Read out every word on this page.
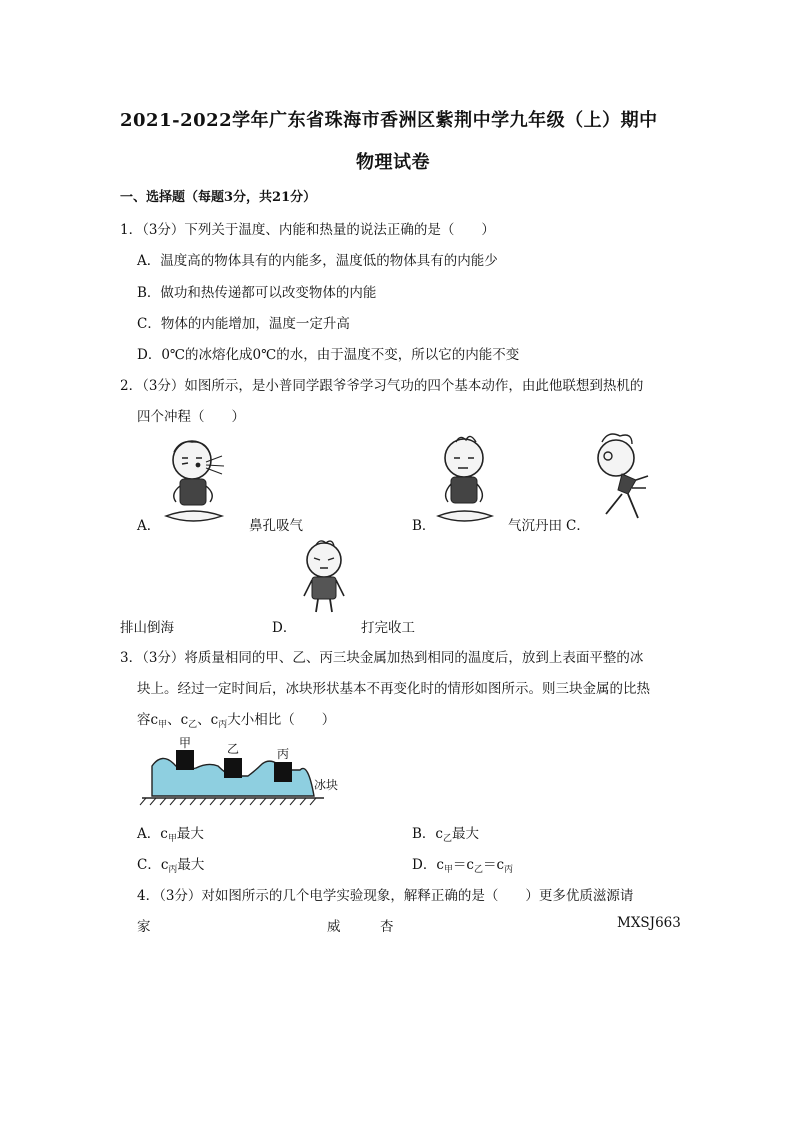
2021-2022学年广东省珠海市香洲区紫荆中学九年级（上）期中
物理试卷
一、选择题（每题3分，共21分）
1．（3分）下列关于温度、内能和热量的说法正确的是（　　）
A．温度高的物体具有的内能多，温度低的物体具有的内能少
B．做功和热传递都可以改变物体的内能
C．物体的内能增加，温度一定升高
D．0℃的冰熔化成0℃的水，由于温度不变，所以它的内能不变
2．（3分）如图所示，是小普同学跟爷爷学习气功的四个基本动作，由此他联想到热机的
四个冲程（　　）
A．	鼻孔吸气	B．	气沉丹田 C．
排山倒海	D．	打完收工
3．（3分）将质量相同的甲、乙、丙三块金属加热到相同的温度后，放到上表面平整的冰
块上。经过一定时间后，冰块形状基本不再变化时的情形如图所示。则三块金属的比热
容$c_甲$、$c_乙$、$c_丙$大小相比（　　）
甲	乙	丙
冰块
A．$c_甲$最大	B．$c_乙$最大
C．$c_丙$最大	D．$c_甲=c_乙=c_丙$
4．（3分）对如图所示的几个电学实验现象，解释正确的是（　　）更多优质滋源请
家	威	杏	MXSJ663
